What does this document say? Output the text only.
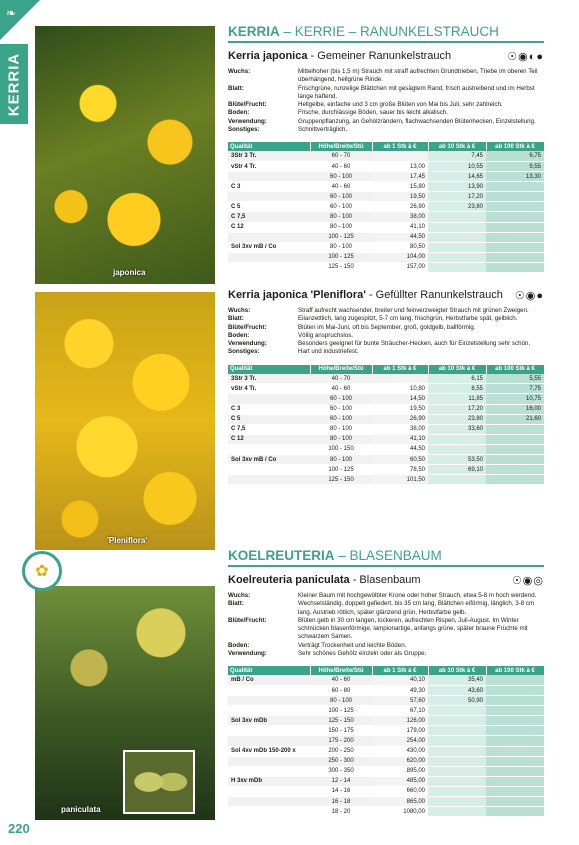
❧
KERRIA
japonica
'Pleniflora'
paniculata
✿
220
KERRIA – KERRIE – RANUNKELSTRAUCH
Kerria japonica - Gemeiner Ranunkelstrauch	☉◉◐●
Wuchs:	Mittelhoher (bis 1,5 m) Strauch mit straff aufrechten Grundtrieben, Triebe im oberen Teil überhängend, hellgrüne Rinde.
Blatt:	Frischgrüne, runzelige Blättchen mit gesägtem Rand, frisch austreibend und im Herbst lange haftend.
Blüte/Frucht:	Hellgelbe, einfache und 3 cm große Blüten von Mai bis Juli, sehr zahlreich.
Boden:	Frische, durchlässige Böden, sauer bis leicht alkalisch.
Verwendung:	Gruppenpflanzung, an Gehölzrändern, flachwachsenden Blütenhecken, Einzelstellung.
Sonstiges:	Schnittverträglich.
Qualität	Höhe/Breite/Stü	ab 1 Stk à €	ab 10 Stk à €	ab 100 Stk à €
3Str 3 Tr.	60 - 70		7,45	6,75
vStr 4 Tr.	40 - 60	13,00	10,55	9,55
	60 - 100	17,45	14,65	13,30
C 3	40 - 60	15,80	13,90	
	60 - 100	19,50	17,20	
C 5	60 - 100	26,90	23,80	
C 7,5	80 - 100	38,00		
C 12	80 - 100	41,10		
	100 - 125	44,50		
Sol 3xv mB / Co	80 - 100	80,50		
	100 - 125	104,00		
	125 - 150	157,00		
Kerria japonica 'Pleniflora' - Gefüllter Ranunkelstrauch ☉◉●
Wuchs:	Straff aufrecht wachsender, breiter und feinverzweigter Strauch mit grünen Zweigen.
Blatt:	Eilanzettlich, lang zugespitzt, 5-7 cm lang, frischgrün, Herbstfarbe spät, gelblich.
Blüte/Frucht:	Blüten im Mai-Juni, oft bis September, groß, goldgelb, ballförmig.
Boden:	Völlig anspruchslos.
Verwendung:	Besonders geeignet für bunte Sträucher-Hecken, auch für Einzelstellung sehr schön.
Sonstiges:	Hart und industriefest.
Qualität	Höhe/Breite/Stü	ab 1 Stk à €	ab 10 Stk à €	ab 100 Stk à €
3Str 3 Tr.	40 - 70		6,15	5,55
vStr 4 Tr.	40 - 60	10,80	8,55	7,75
	60 - 100	14,50	11,85	10,75
C 3	60 - 100	19,50	17,20	16,00
C 5	60 - 100	26,90	23,80	21,60
C 7,5	80 - 100	38,00	33,60	
C 12	80 - 100	41,10		
	100 - 150	44,50		
Sol 3xv mB / Co	80 - 100	60,50	53,50	
	100 - 125	78,50	69,10	
	125 - 150	101,50		
KOELREUTERIA – BLASENBAUM
Koelreuteria paniculata - Blasenbaum	☉◉◎
Wuchs:	Kleiner Baum mit hochgewölbter Krone oder hoher Strauch, etwa 5-8 m hoch werdend.
Blatt:	Wechselständig, doppelt gefiedert, bis 35 cm lang, Blättchen eiförmig, länglich, 3-8 cm lang. Austrieb rötlich, später glänzend grün, Herbstfarbe gelb.
Blüte/Frucht:	Blüten gelb in 30 cm langen, lockeren, aufrechten Rispen, Juli-August. Im Winter schmücken blasenförmige, lampionartige, anfangs grüne, später braune Früchte mit schwarzem Samen.
Boden:	Verträgt Trockenheit und leichte Böden.
Verwendung:	Sehr schönes Gehölz einzeln oder als Gruppe.
Qualität	Höhe/Breite/Stü	ab 1 Stk à €	ab 10 Stk à €	ab 100 Stk à €
mB / Co	40 - 60	40,10	35,40	
	60 - 80	49,30	43,60	
	80 - 100	57,60	50,90	
	100 - 125	67,10		
Sol 3xv mDb	125 - 150	126,00		
	150 - 175	179,00		
	175 - 200	254,00		
Sol 4xv mDb 150-200 x	200 - 250	430,00		
	250 - 300	620,00		
	300 - 350	895,00		
H 3xv mDb	12 - 14	485,00		
	14 - 16	660,00		
	16 - 18	865,00		
	18 - 20	1080,00		
